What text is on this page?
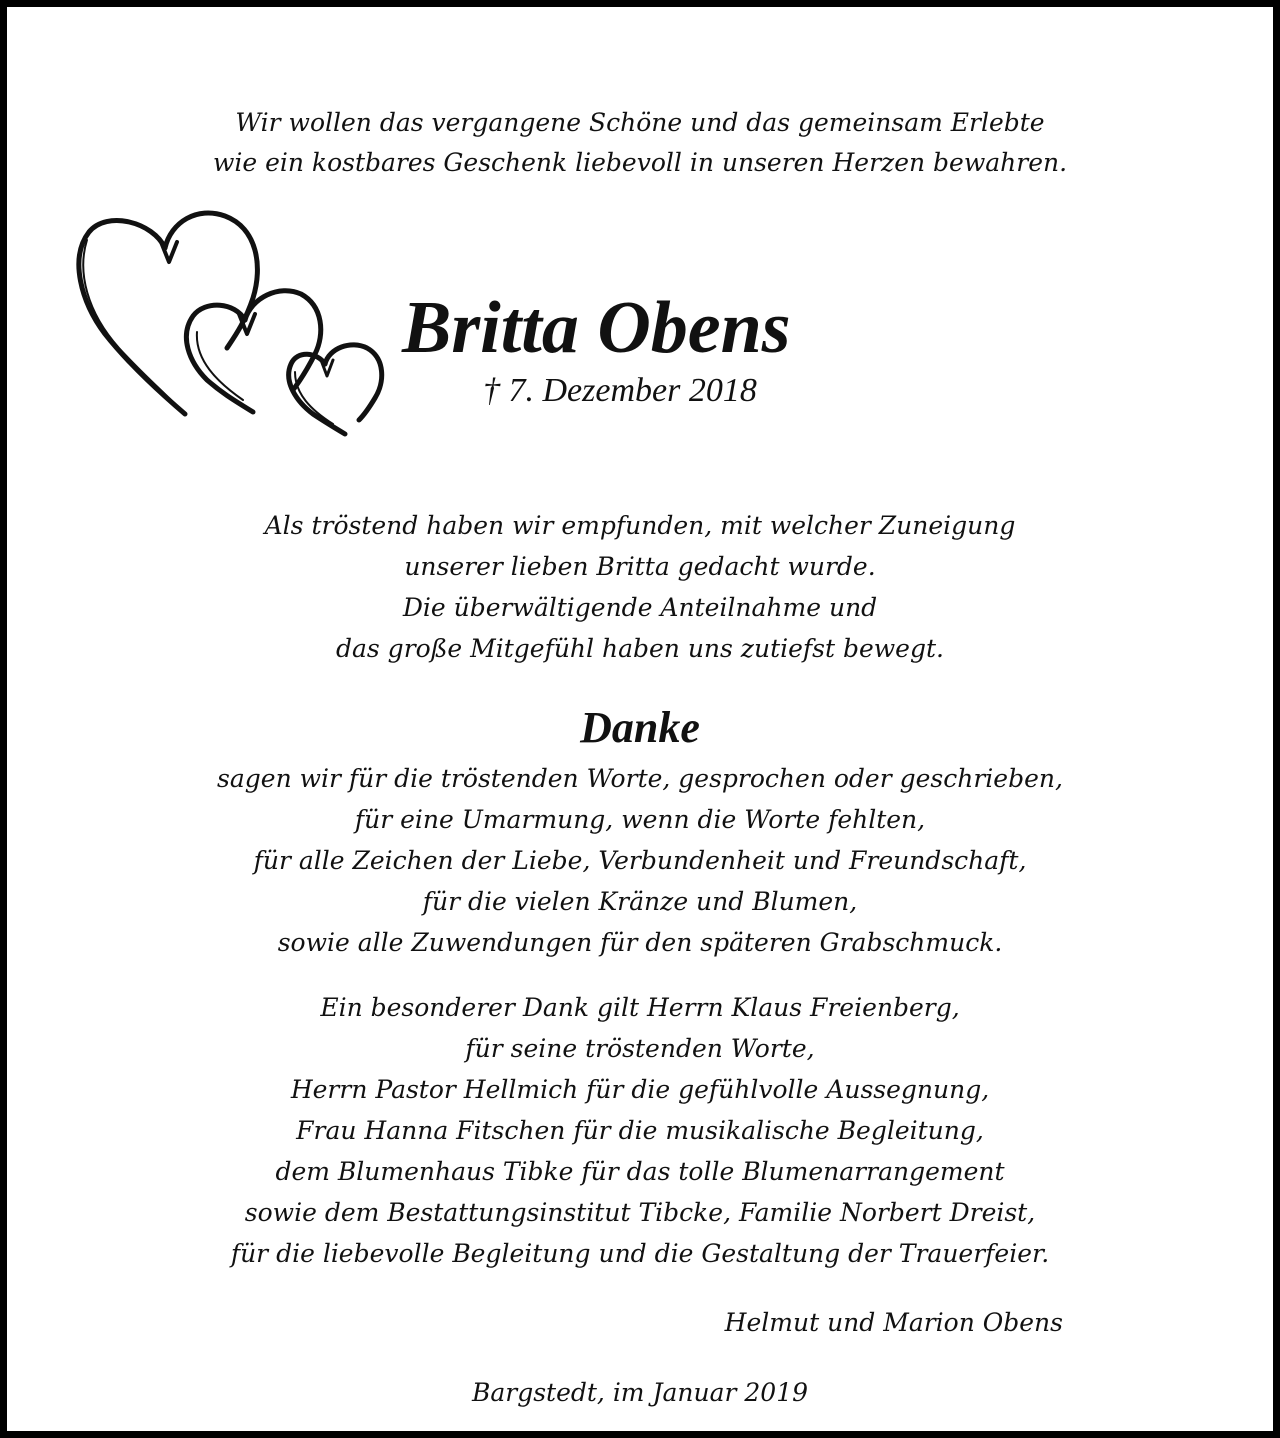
Wir wollen das vergangene Schöne und das gemeinsam Erlebte
wie ein kostbares Geschenk liebevoll in unseren Herzen bewahren.
Britta Obens
† 7. Dezember 2018
Als tröstend haben wir empfunden, mit welcher Zuneigung
unserer lieben Britta gedacht wurde.
Die überwältigende Anteilnahme und
das große Mitgefühl haben uns zutiefst bewegt.
Danke
sagen wir für die tröstenden Worte, gesprochen oder geschrieben,
für eine Umarmung, wenn die Worte fehlten,
für alle Zeichen der Liebe, Verbundenheit und Freundschaft,
für die vielen Kränze und Blumen,
sowie alle Zuwendungen für den späteren Grabschmuck.
Ein besonderer Dank gilt Herrn Klaus Freienberg,
für seine tröstenden Worte,
Herrn Pastor Hellmich für die gefühlvolle Aussegnung,
Frau Hanna Fitschen für die musikalische Begleitung,
dem Blumenhaus Tibke für das tolle Blumenarrangement
sowie dem Bestattungsinstitut Tibcke, Familie Norbert Dreist,
für die liebevolle Begleitung und die Gestaltung der Trauerfeier.
Helmut und Marion Obens
Bargstedt, im Januar 2019
